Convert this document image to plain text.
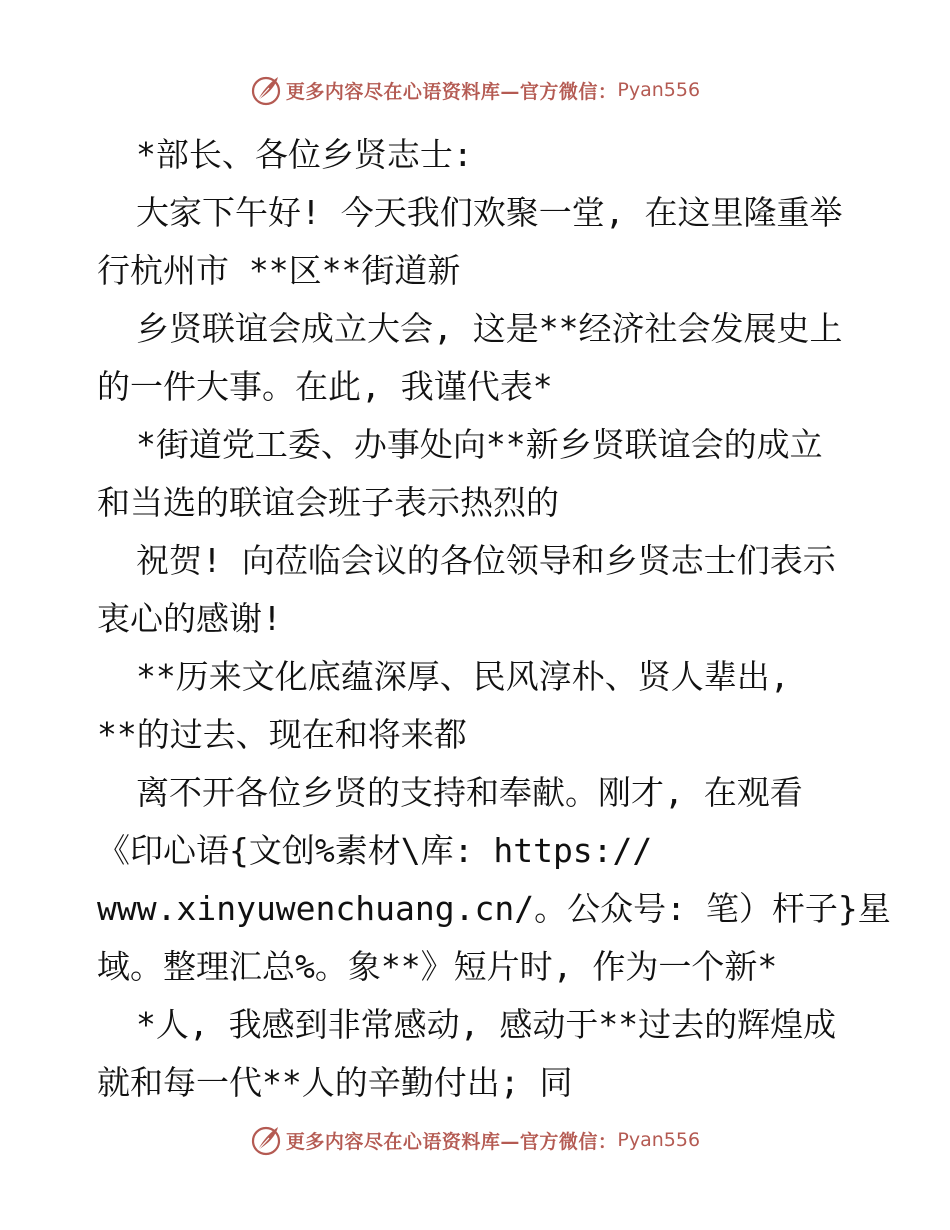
更多内容尽在心语资料库—官方微信： Pyan556
*部长、各位乡贤志士:
大家下午好! 今天我们欢聚一堂, 在这里隆重举
行杭州市 **区**街道新
乡贤联谊会成立大会, 这是**经济社会发展史上
的一件大事。在此, 我谨代表*
*街道党工委、办事处向**新乡贤联谊会的成立
和当选的联谊会班子表示热烈的
祝贺! 向莅临会议的各位领导和乡贤志士们表示
衷心的感谢!
**历来文化底蕴深厚、民风淳朴、贤人辈出,
**的过去、现在和将来都
离不开各位乡贤的支持和奉献。刚才, 在观看
《印心语{文创%素材\库: https://
www.xinyuwenchuang.cn/。公众号: 笔）杆子}星
域。整理汇总%。象**》短片时, 作为一个新*
*人, 我感到非常感动, 感动于**过去的辉煌成
就和每一代**人的辛勤付出; 同
更多内容尽在心语资料库—官方微信： Pyan556
